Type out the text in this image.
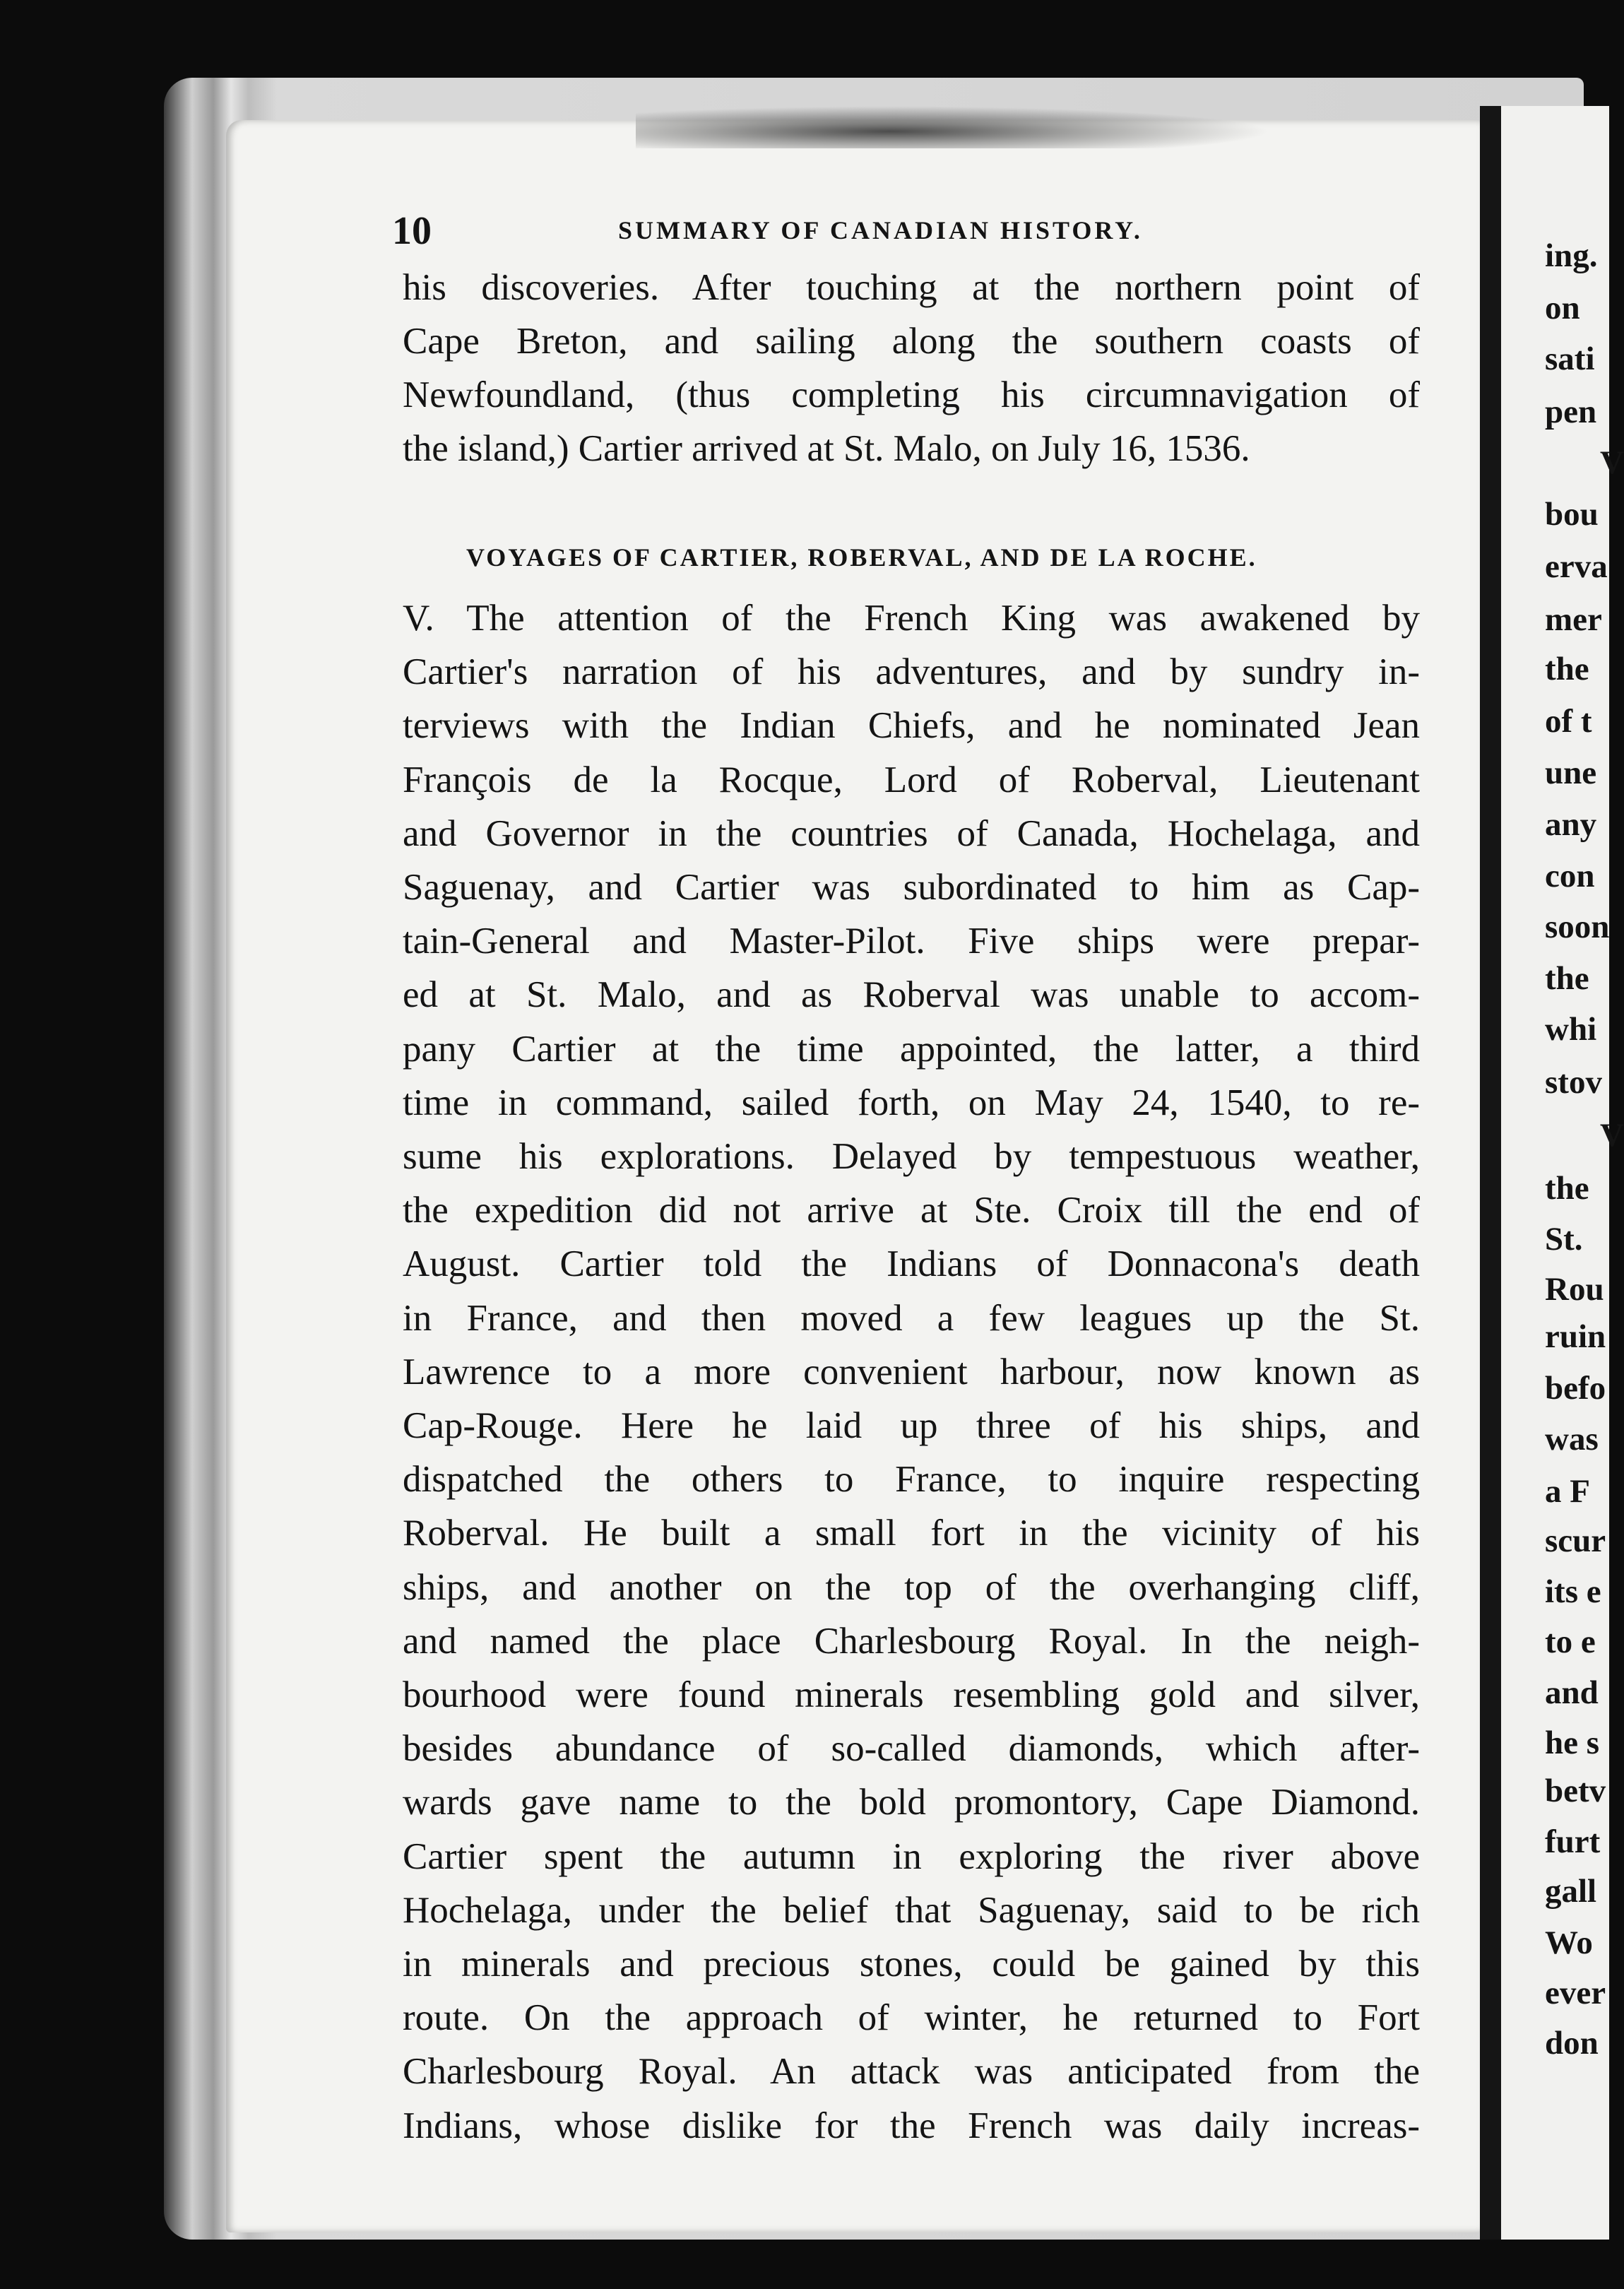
ing.
on
sati
pen
V
bou
erva
mer
the
of t
une
any
con
soon
the
whi
stov
V
the
St.
Rou
ruin
befo
was
a F
scur
its e
to e
and
he s
betv
furt
gall
Wo
ever
don
10	SUMMARY OF CANADIAN HISTORY.
his discoveries. After touching at the northern point of
Cape Breton, and sailing along the southern coasts of
Newfoundland, (thus completing his circumnavigation of
the island,) Cartier arrived at St. Malo, on July 16, 1536.
VOYAGES OF CARTIER, ROBERVAL, AND DE LA ROCHE.
V. The attention of the French King was awakened by
Cartier's narration of his adventures, and by sundry in-
terviews with the Indian Chiefs, and he nominated Jean
François de la Rocque, Lord of Roberval, Lieutenant
and Governor in the countries of Canada, Hochelaga, and
Saguenay, and Cartier was subordinated to him as Cap-
tain-General and Master-Pilot. Five ships were prepar-
ed at St. Malo, and as Roberval was unable to accom-
pany Cartier at the time appointed, the latter, a third
time in command, sailed forth, on May 24, 1540, to re-
sume his explorations. Delayed by tempestuous weather,
the expedition did not arrive at Ste. Croix till the end of
August. Cartier told the Indians of Donnacona's death
in France, and then moved a few leagues up the St.
Lawrence to a more convenient harbour, now known as
Cap-Rouge. Here he laid up three of his ships, and
dispatched the others to France, to inquire respecting
Roberval. He built a small fort in the vicinity of his
ships, and another on the top of the overhanging cliff,
and named the place Charlesbourg Royal. In the neigh-
bourhood were found minerals resembling gold and silver,
besides abundance of so-called diamonds, which after-
wards gave name to the bold promontory, Cape Diamond.
Cartier spent the autumn in exploring the river above
Hochelaga, under the belief that Saguenay, said to be rich
in minerals and precious stones, could be gained by this
route. On the approach of winter, he returned to Fort
Charlesbourg Royal. An attack was anticipated from the
Indians, whose dislike for the French was daily increas-
